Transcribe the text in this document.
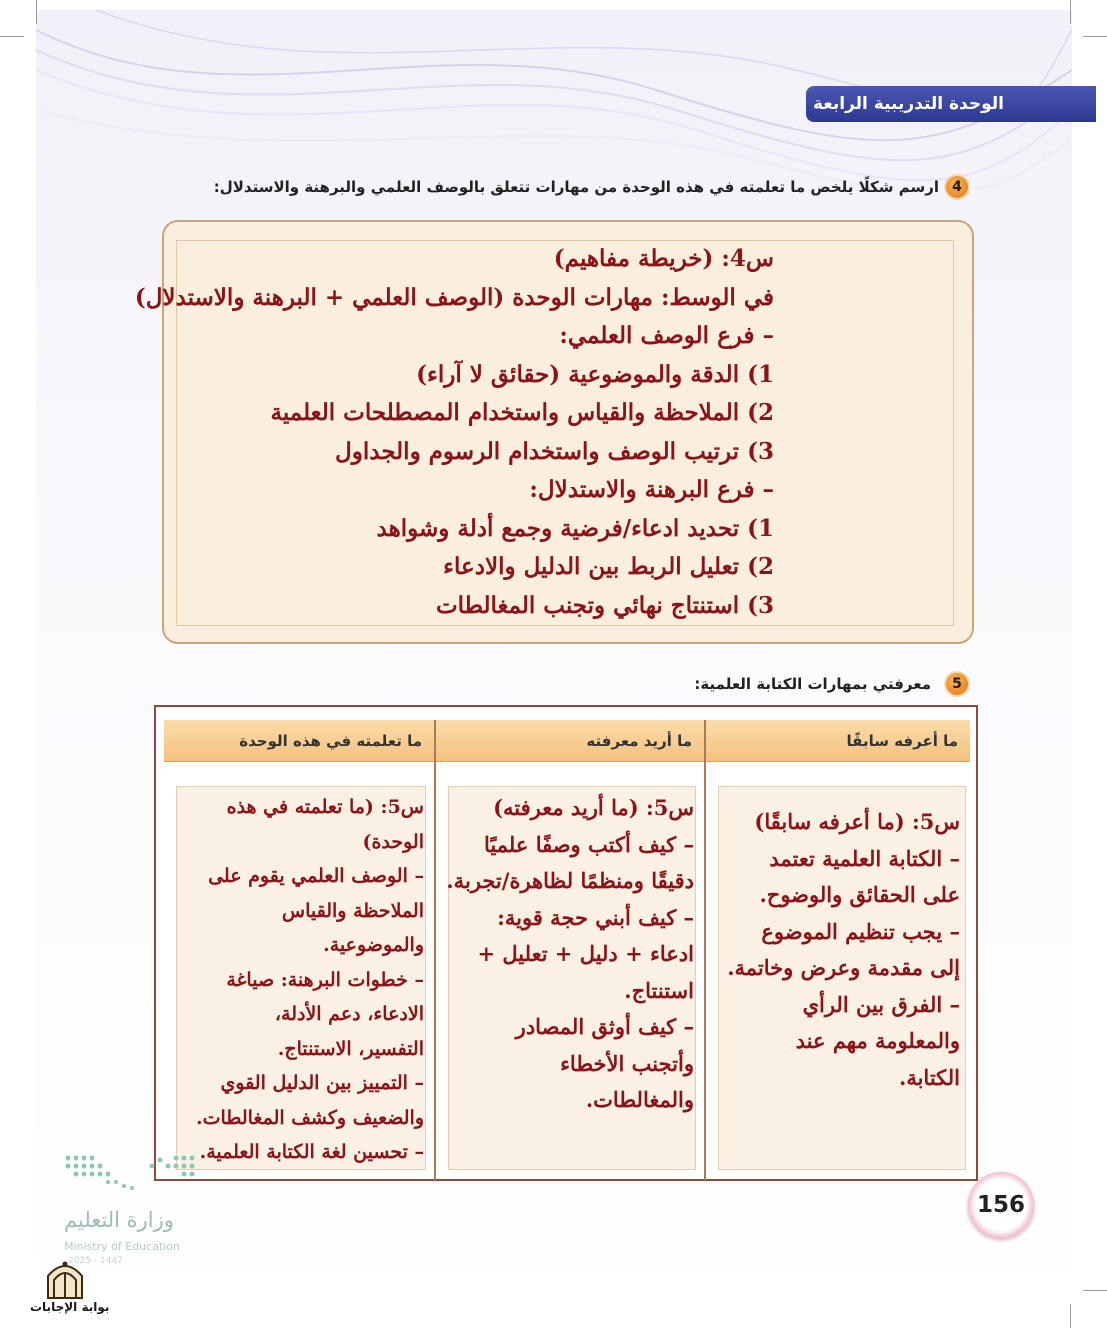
الوحدة التدريبية الرابعة
4
ارسم شكلًا يلخص ما تعلمته في هذه الوحدة من مهارات تتعلق بالوصف العلمي والبرهنة والاستدلال:
س4: (خريطة مفاهيم)
في الوسط: مهارات الوحدة (الوصف العلمي + البرهنة والاستدلال)
– فرع الوصف العلمي:
1) الدقة والموضوعية (حقائق لا آراء)
2) الملاحظة والقياس واستخدام المصطلحات العلمية
3) ترتيب الوصف واستخدام الرسوم والجداول
– فرع البرهنة والاستدلال:
1) تحديد ادعاء/فرضية وجمع أدلة وشواهد
2) تعليل الربط بين الدليل والادعاء
3) استنتاج نهائي وتجنب المغالطات
5
معرفتي بمهارات الكتابة العلمية:
ما أعرفه سابقًا
ما أريد معرفته
ما تعلمته في هذه الوحدة
س5: (ما أعرفه سابقًا)
– الكتابة العلمية تعتمد
على الحقائق والوضوح.
– يجب تنظيم الموضوع
إلى مقدمة وعرض وخاتمة.
– الفرق بين الرأي
والمعلومة مهم عند
الكتابة.
س5: (ما أريد معرفته)
– كيف أكتب وصفًا علميًا
دقيقًا ومنظمًا لظاهرة/تجربة.
– كيف أبني حجة قوية:
ادعاء + دليل + تعليل +
استنتاج.
– كيف أوثق المصادر
وأتجنب الأخطاء
والمغالطات.
س5: (ما تعلمته في هذه
الوحدة)
– الوصف العلمي يقوم على
الملاحظة والقياس والموضوعية.
– خطوات البرهنة: صياغة
الادعاء، دعم الأدلة،
التفسير، الاستنتاج.
– التمييز بين الدليل القوي
والضعيف وكشف المغالطات.
– تحسين لغة الكتابة العلمية.
156
وزارة التعليم
Ministry of Education
2025 - 1447
بوابة الإجابات
